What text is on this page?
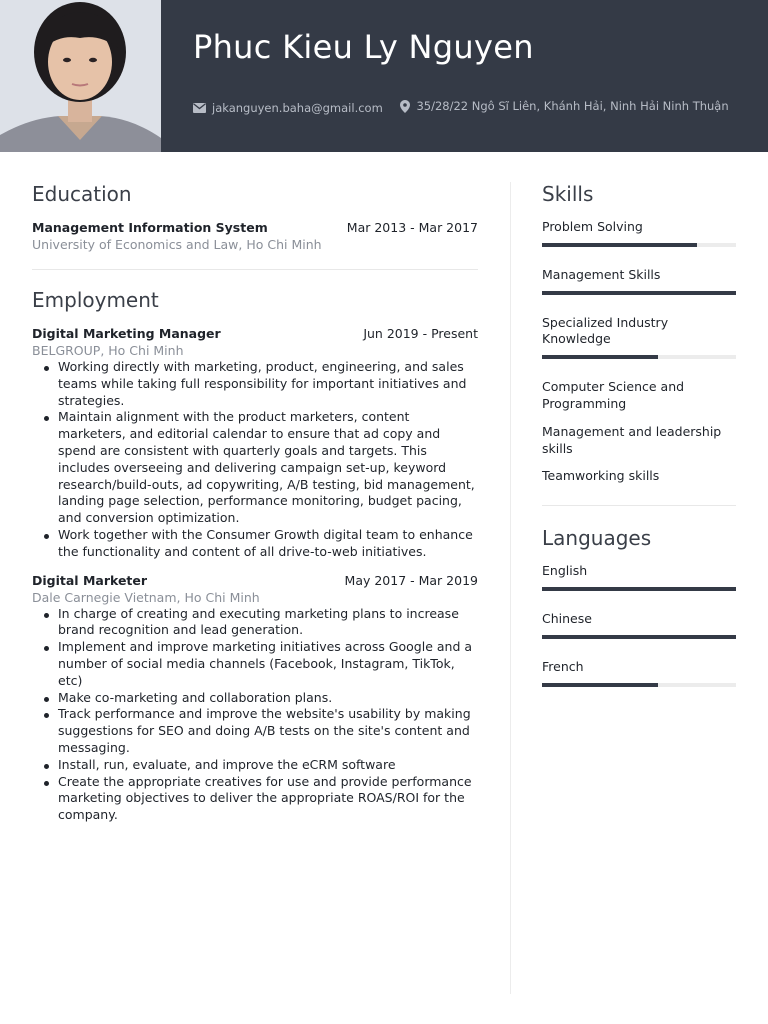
Phuc Kieu Ly Nguyen
jakanguyen.baha@gmail.com
	35/28/22 Ngô Sĩ Liên, Khánh Hải, Ninh Hải Ninh Thuận
Education
Management Information System	Mar 2013 - Mar 2017
University of Economics and Law, Ho Chi Minh
Employment
Digital Marketing Manager	Jun 2019 - Present
BELGROUP, Ho Chi Minh
Working directly with marketing, product, engineering, and sales teams while taking full responsibility for important initiatives and strategies.
Maintain alignment with the product marketers, content marketers, and editorial calendar to ensure that ad copy and spend are consistent with quarterly goals and targets. This includes overseeing and delivering campaign set-up, keyword research/build-outs, ad copywriting, A/B testing, bid management, landing page selection, performance monitoring, budget pacing, and conversion optimization.
Work together with the Consumer Growth digital team to enhance the functionality and content of all drive-to-web initiatives.
Digital Marketer	May 2017 - Mar 2019
Dale Carnegie Vietnam, Ho Chi Minh
In charge of creating and executing marketing plans to increase brand recognition and lead generation.
Implement and improve marketing initiatives across Google and a number of social media channels (Facebook, Instagram, TikTok, etc)
Make co-marketing and collaboration plans.
Track performance and improve the website's usability by making suggestions for SEO and doing A/B tests on the site's content and messaging.
Install, run, evaluate, and improve the eCRM software
Create the appropriate creatives for use and provide performance marketing objectives to deliver the appropriate ROAS/ROI for the company.
Skills
Problem Solving
Management Skills
Specialized Industry Knowledge
Computer Science and Programming
Management and leadership skills
Teamworking skills
Languages
English
Chinese
French
